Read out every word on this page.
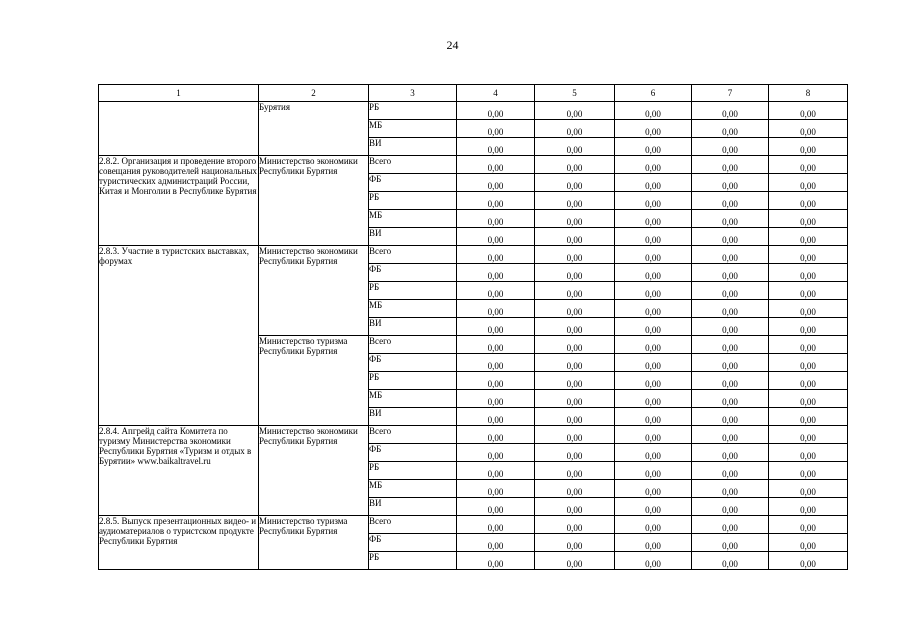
24
1	2	3	4	5	6	7	8
	Бурятия	РБ	0,00	0,00	0,00	0,00	0,00
		МБ	0,00	0,00	0,00	0,00	0,00
		ВИ	0,00	0,00	0,00	0,00	0,00
2.8.2. Организация и проведение второго совещания руководителей национальных туристических администраций России, Китая и Монголии в Республике Бурятия	Министерство экономики Республики Бурятия	Всего	0,00	0,00	0,00	0,00	0,00
		ФБ	0,00	0,00	0,00	0,00	0,00
		РБ	0,00	0,00	0,00	0,00	0,00
		МБ	0,00	0,00	0,00	0,00	0,00
		ВИ	0,00	0,00	0,00	0,00	0,00
2.8.3. Участие в туристских выставках, форумах	Министерство экономики Республики Бурятия	Всего	0,00	0,00	0,00	0,00	0,00
		ФБ	0,00	0,00	0,00	0,00	0,00
		РБ	0,00	0,00	0,00	0,00	0,00
		МБ	0,00	0,00	0,00	0,00	0,00
		ВИ	0,00	0,00	0,00	0,00	0,00
	Министерство туризма Республики Бурятия	Всего	0,00	0,00	0,00	0,00	0,00
		ФБ	0,00	0,00	0,00	0,00	0,00
		РБ	0,00	0,00	0,00	0,00	0,00
		МБ	0,00	0,00	0,00	0,00	0,00
		ВИ	0,00	0,00	0,00	0,00	0,00
2.8.4. Апгрейд сайта Комитета по туризму Министерства экономики Республики Бурятия «Туризм и отдых в Бурятии» www.baikaltravel.ru	Министерство экономики Республики Бурятия	Всего	0,00	0,00	0,00	0,00	0,00
		ФБ	0,00	0,00	0,00	0,00	0,00
		РБ	0,00	0,00	0,00	0,00	0,00
		МБ	0,00	0,00	0,00	0,00	0,00
		ВИ	0,00	0,00	0,00	0,00	0,00
2.8.5. Выпуск презентационных видео- и аудиоматериалов о туристском продукте Республики Бурятия	Министерство туризма Республики Бурятия	Всего	0,00	0,00	0,00	0,00	0,00
		ФБ	0,00	0,00	0,00	0,00	0,00
		РБ	0,00	0,00	0,00	0,00	0,00
